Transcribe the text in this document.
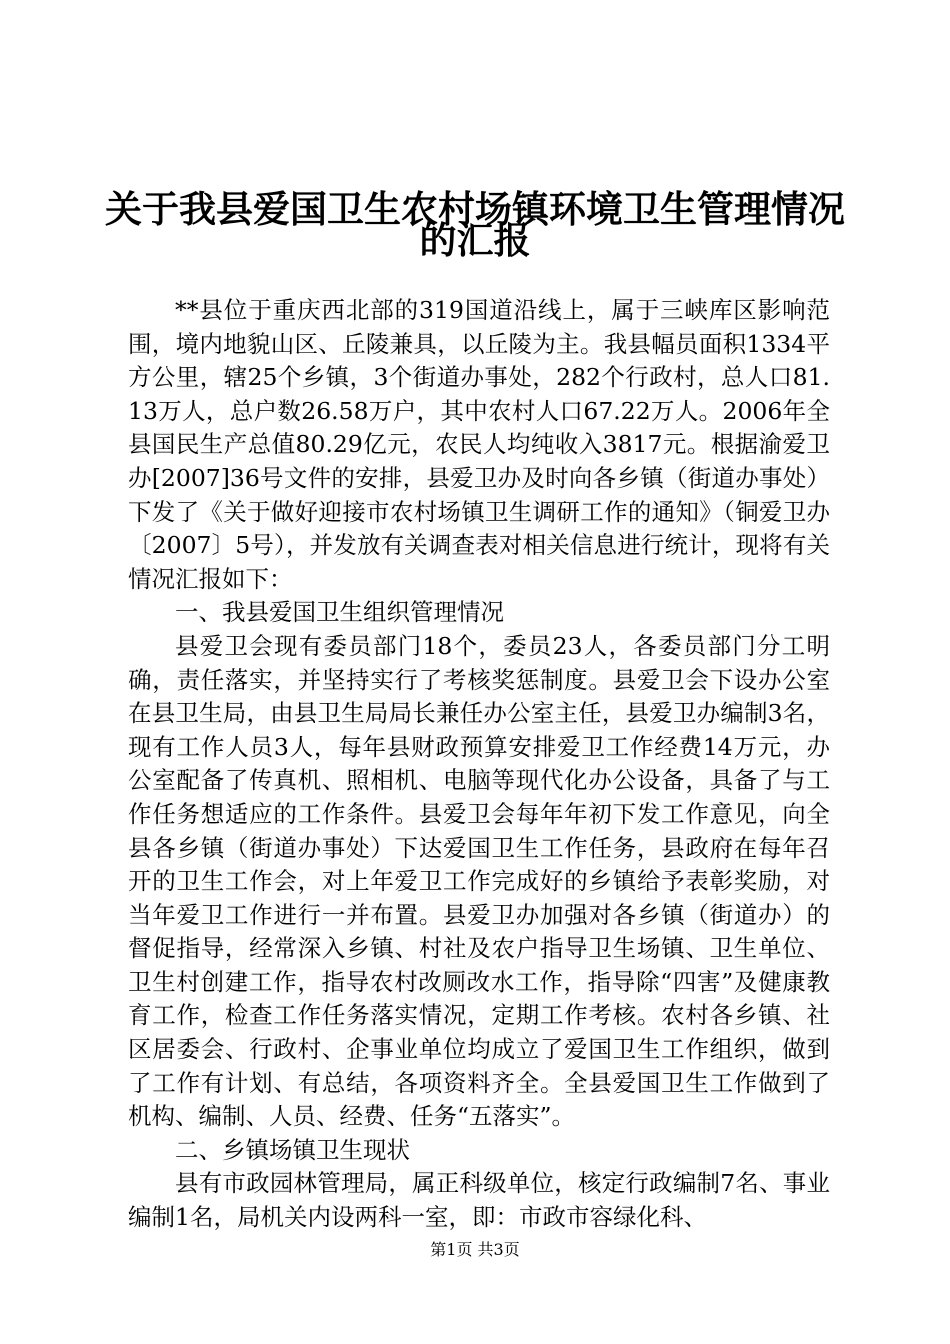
关于我县爱国卫生农村场镇环境卫生管理情况
的汇报

**县位于重庆西北部的319国道沿线上，属于三峡库区影响范围，境内地貌山区、丘陵兼具，以丘陵为主。我县幅员面积1334平方公里，辖25个乡镇，3个街道办事处，282个行政村，总人口81.13万人，总户数26.58万户，其中农村人口67.22万人。2006年全县国民生产总值80.29亿元，农民人均纯收入3817元。根据渝爱卫办[2007]36号文件的安排，县爱卫办及时向各乡镇（街道办事处）下发了《关于做好迎接市农村场镇卫生调研工作的通知》（铜爱卫办〔2007〕5号），并发放有关调查表对相关信息进行统计，现将有关情况汇报如下：

一、我县爱国卫生组织管理情况

县爱卫会现有委员部门18个，委员23人，各委员部门分工明确，责任落实，并坚持实行了考核奖惩制度。县爱卫会下设办公室在县卫生局，由县卫生局局长兼任办公室主任，县爱卫办编制3名，现有工作人员3人，每年县财政预算安排爱卫工作经费14万元，办公室配备了传真机、照相机、电脑等现代化办公设备，具备了与工作任务想适应的工作条件。县爱卫会每年年初下发工作意见，向全县各乡镇（街道办事处）下达爱国卫生工作任务，县政府在每年召开的卫生工作会，对上年爱卫工作完成好的乡镇给予表彰奖励，对当年爱卫工作进行一并布置。县爱卫办加强对各乡镇（街道办）的督促指导，经常深入乡镇、村社及农户指导卫生场镇、卫生单位、卫生村创建工作，指导农村改厕改水工作，指导除“四害”及健康教育工作，检查工作任务落实情况，定期工作考核。农村各乡镇、社区居委会、行政村、企事业单位均成立了爱国卫生工作组织，做到了工作有计划、有总结，各项资料齐全。全县爱国卫生工作做到了机构、编制、人员、经费、任务“五落实”。

二、乡镇场镇卫生现状

县有市政园林管理局，属正科级单位，核定行政编制7名、事业编制1名，局机关内设两科一室，即：市政市容绿化科、

第1页 共3页
